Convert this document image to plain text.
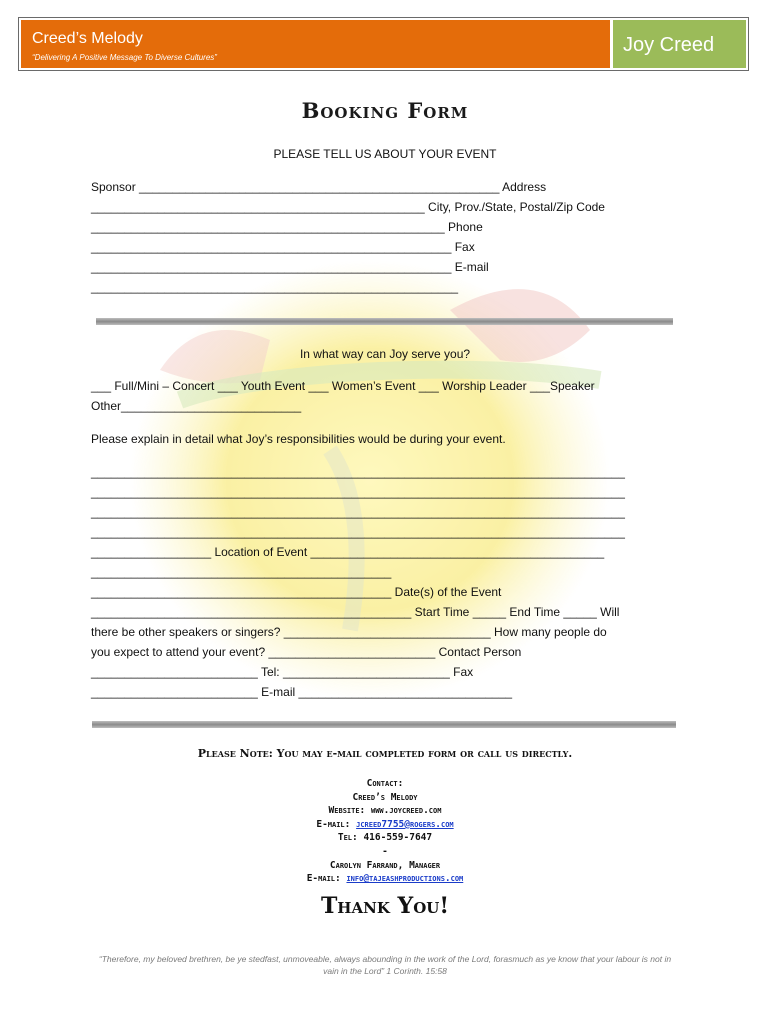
Creed’s Melody
“Delivering A Positive Message To Diverse Cultures”
Joy Creed
Booking Form
PLEASE TELL US ABOUT YOUR EVENT
Sponsor ______________________________________________________ Address
__________________________________________________ City, Prov./State, Postal/Zip Code
_____________________________________________________ Phone
______________________________________________________ Fax
______________________________________________________ E-mail
_______________________________________________________
In what way can Joy serve you?
___ Full/Mini – Concert ___ Youth Event ___ Women’s Event ___ Worship Leader ___Speaker
Other___________________________
Please explain in detail what Joy’s responsibilities would be during your event.
________________________________________________________________________________
________________________________________________________________________________
________________________________________________________________________________
________________________________________________________________________________
__________________ Location of Event ____________________________________________
_____________________________________________
_____________________________________________ Date(s) of the Event
________________________________________________ Start Time _____ End Time _____ Will
there be other speakers or singers? _______________________________ How many people do
you expect to attend your event? _________________________ Contact Person
_________________________ Tel: _________________________ Fax
_________________________ E-mail ________________________________
Please Note: You may e-mail completed form or call us directly.
Contact:
Creed’s Melody
Website: www.joycreed.com
E-mail: jcreed7755@rogers.com
Tel: 416-559-7647
-
Carolyn Farrand, Manager
E-mail: info@tajeashproductions.com
Thank You!
“Therefore, my beloved brethren, be ye stedfast, unmoveable, always abounding in the work of the Lord, forasmuch as ye know that your labour is not in vain in the Lord” 1 Corinth. 15:58
